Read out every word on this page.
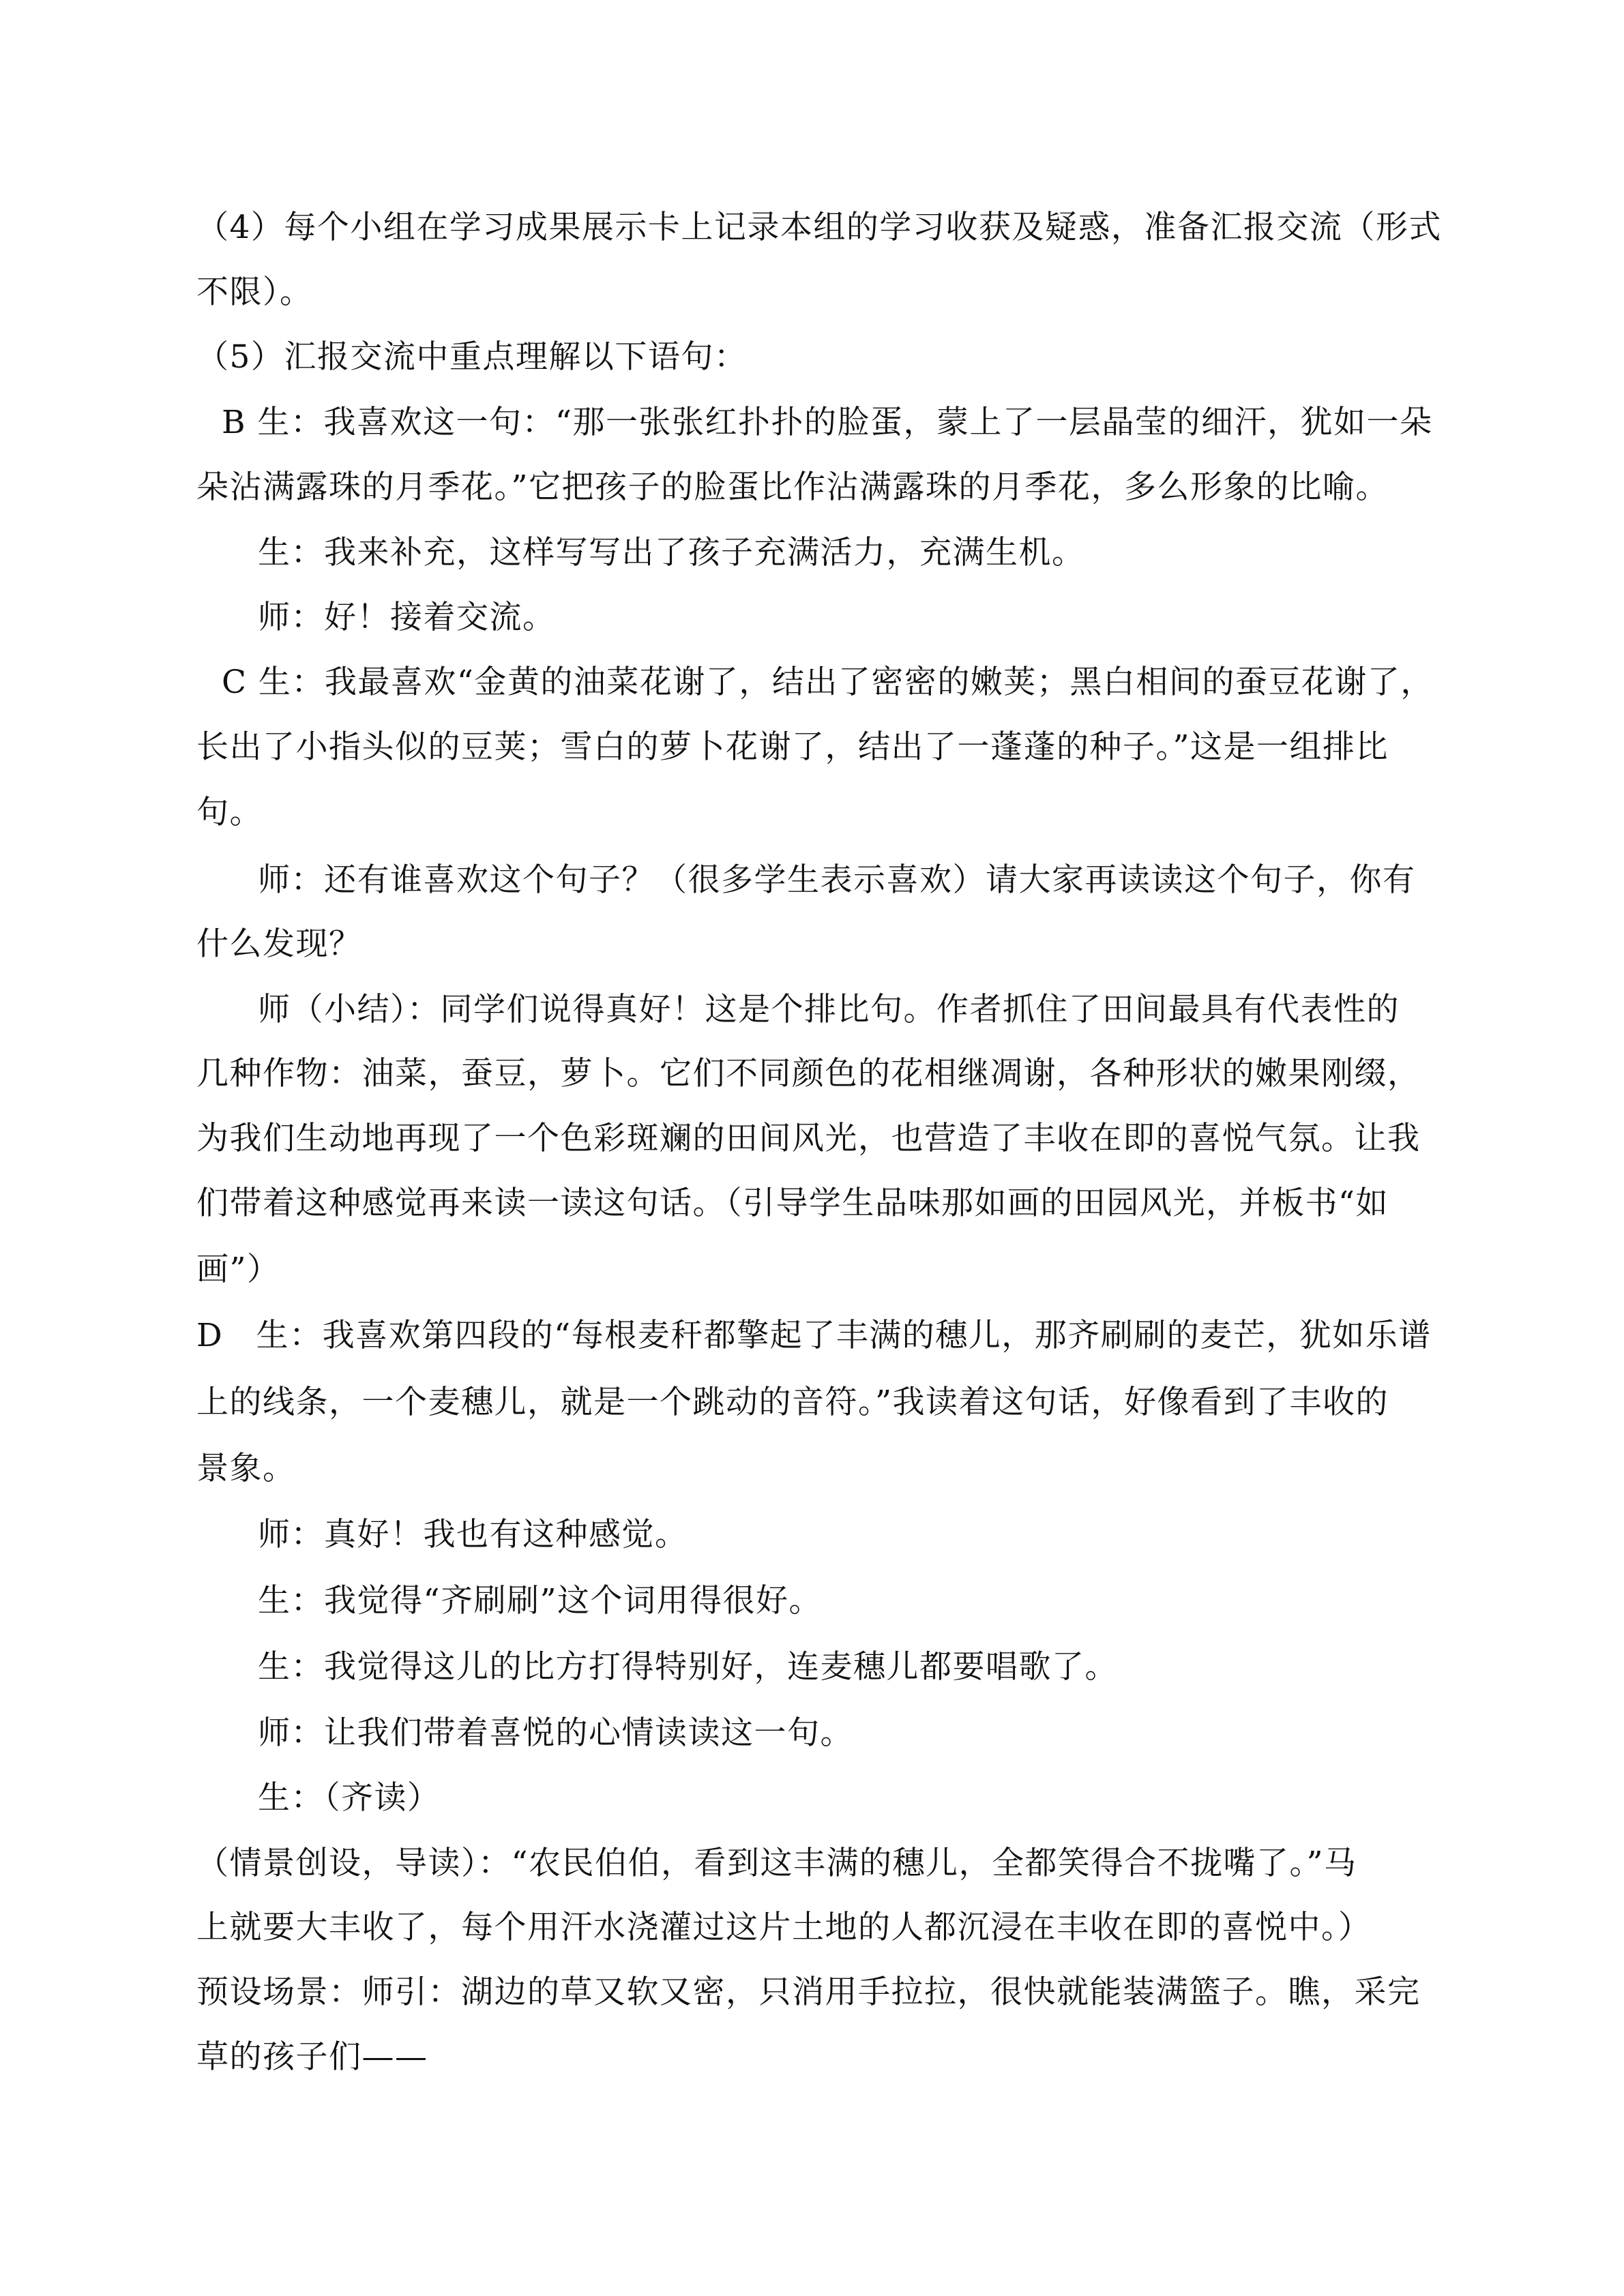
（4）每个小组在学习成果展示卡上记录本组的学习收获及疑惑，准备汇报交流（形式
不限）。
（5）汇报交流中重点理解以下语句：
B 生：我喜欢这一句：“那一张张红扑扑的脸蛋，蒙上了一层晶莹的细汗，犹如一朵
朵沾满露珠的月季花。”它把孩子的脸蛋比作沾满露珠的月季花，多么形象的比喻。
生：我来补充，这样写写出了孩子充满活力，充满生机。
师：好！接着交流。
C 生：我最喜欢“金黄的油菜花谢了，结出了密密的嫩荚；黑白相间的蚕豆花谢了，
长出了小指头似的豆荚；雪白的萝卜花谢了，结出了一蓬蓬的种子。”这是一组排比
句。
师：还有谁喜欢这个句子？（很多学生表示喜欢）请大家再读读这个句子，你有
什么发现？
师（小结）：同学们说得真好！这是个排比句。作者抓住了田间最具有代表性的
几种作物：油菜，蚕豆，萝卜。它们不同颜色的花相继凋谢，各种形状的嫩果刚缀，
为我们生动地再现了一个色彩斑斓的田间风光，也营造了丰收在即的喜悦气氛。让我
们带着这种感觉再来读一读这句话。（引导学生品味那如画的田园风光，并板书“如
画”）
D　生：我喜欢第四段的“每根麦秆都擎起了丰满的穗儿，那齐刷刷的麦芒，犹如乐谱
上的线条，一个麦穗儿，就是一个跳动的音符。”我读着这句话，好像看到了丰收的
景象。
师：真好！我也有这种感觉。
生：我觉得“齐刷刷”这个词用得很好。
生：我觉得这儿的比方打得特别好，连麦穗儿都要唱歌了。
师：让我们带着喜悦的心情读读这一句。
生：（齐读）
（情景创设，导读）：“农民伯伯，看到这丰满的穗儿，全都笑得合不拢嘴了。”马
上就要大丰收了，每个用汗水浇灌过这片土地的人都沉浸在丰收在即的喜悦中。）
预设场景：师引：湖边的草又软又密，只消用手拉拉，很快就能装满篮子。瞧，采完
草的孩子们——
